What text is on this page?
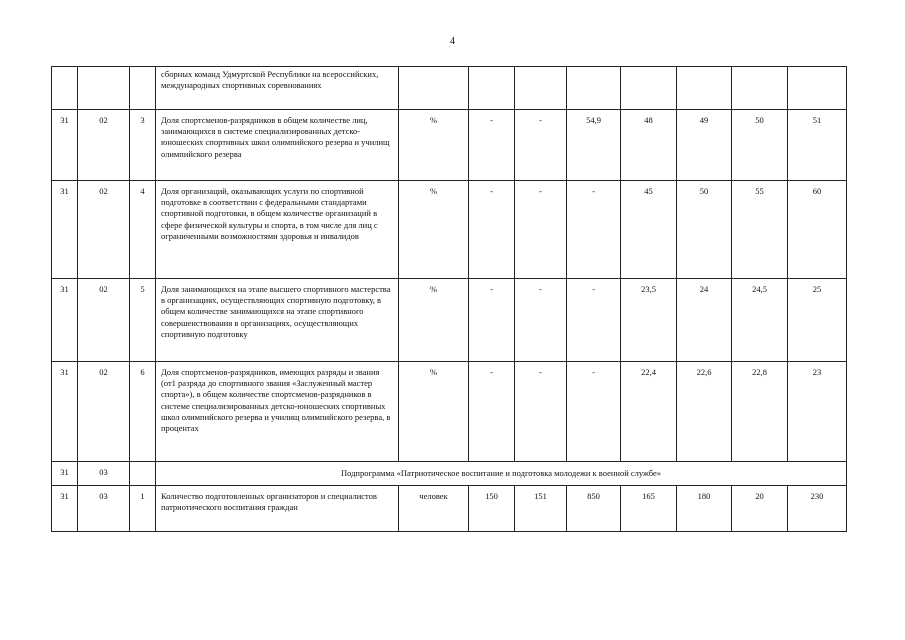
4
			сборных команд Удмуртской Республики на всероссийских, международных спортивных соревнованиях								
31	02	3	Доля спортсменов-разрядников в общем количестве лиц, занимающихся в системе специализированных детско-юношеских спортивных школ олимпийского резерва и училищ олимпийского резерва	%	-	-	54,9	48	49	50	51
31	02	4	Доля организаций, оказывающих услуги по спортивной подготовке в соответствии с федеральными стандартами спортивной подготовки, в общем количестве организаций в сфере физической культуры и спорта, в том числе для лиц с ограниченными возможностями здоровья и инвалидов	%	-	-	-	45	50	55	60
31	02	5	Доля занимающихся на этапе высшего спортивного мастерства в организациях, осуществляющих спортивную подготовку, в общем количестве занимающихся на этапе спортивного совершенствования в организациях, осуществляющих спортивную подготовку	%	-	-	-	23,5	24	24,5	25
31	02	6	Доля спортсменов-разрядников, имеющих разряды и звания (от1 разряда до спортивного звания «Заслуженный мастер спорта»), в общем количестве спортсменов-разрядников в системе специализированных детско-юношеских спортивных школ олимпийского резерва и училищ олимпийского резерва, в процентах	%	-	-	-	22,4	22,6	22,8	23
31	03		Подпрограмма «Патриотическое воспитание и подготовка молодежи к военной службе»								
31	03	1	Количество подготовленных организаторов и специалистов патриотического воспитания граждан	человек	150	151	850	165	180	20	230
